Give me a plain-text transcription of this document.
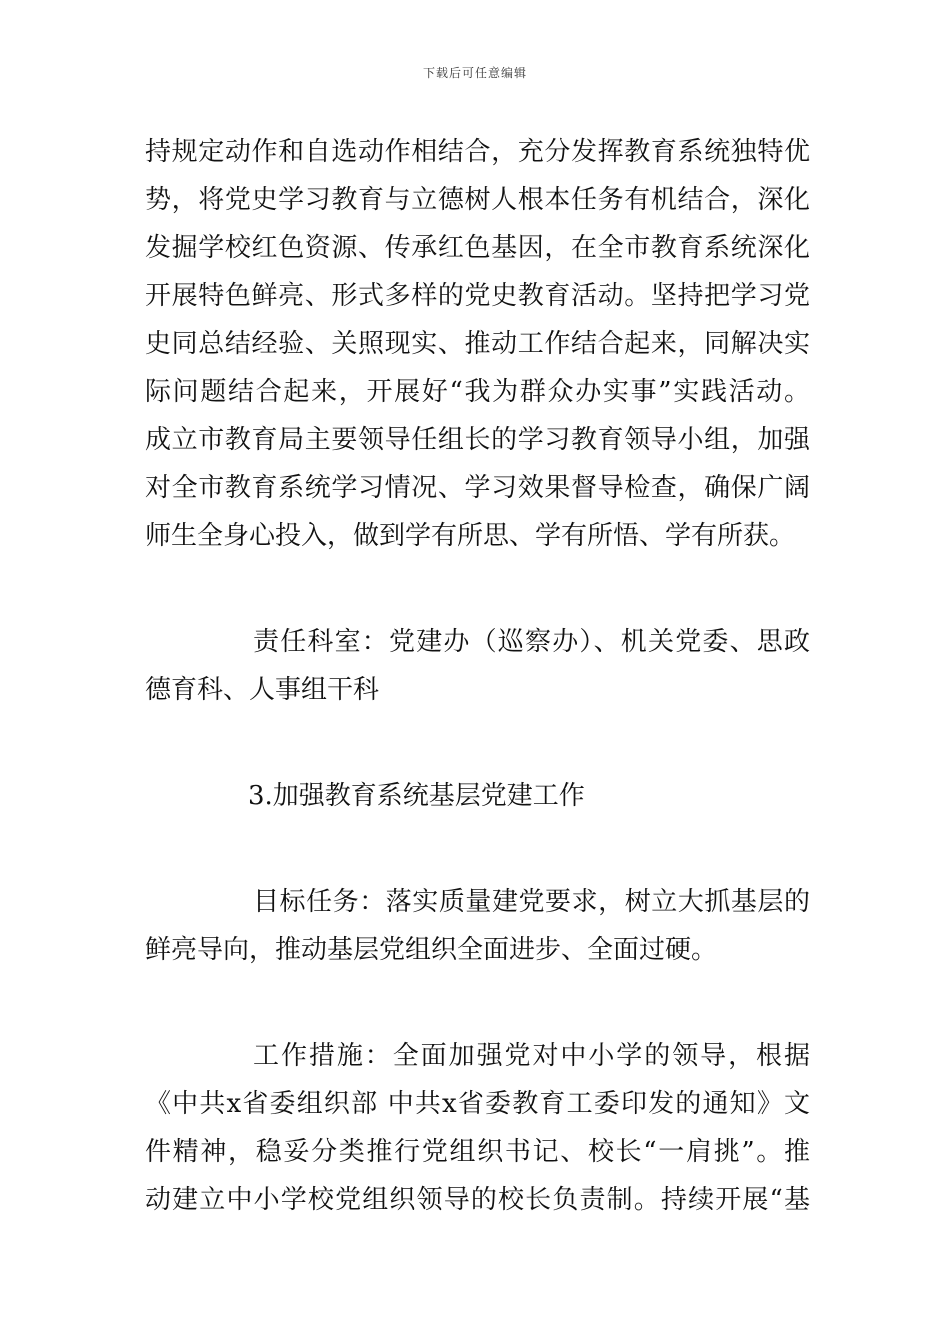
下载后可任意编辑
持规定动作和自选动作相结合，充分发挥教育系统独特优
势，将党史学习教育与立德树人根本任务有机结合，深化
发掘学校红色资源、传承红色基因，在全市教育系统深化
开展特色鲜亮、形式多样的党史教育活动。坚持把学习党
史同总结经验、关照现实、推动工作结合起来，同解决实
际问题结合起来，开展好“我为群众办实事”实践活动。
成立市教育局主要领导任组长的学习教育领导小组，加强
对全市教育系统学习情况、学习效果督导检查，确保广阔
师生全身心投入，做到学有所思、学有所悟、学有所获。
责任科室：党建办（巡察办）、机关党委、思政
德育科、人事组干科
3.加强教育系统基层党建工作
目标任务：落实质量建党要求，树立大抓基层的
鲜亮导向，推动基层党组织全面进步、全面过硬。
工作措施：全面加强党对中小学的领导，根据
《中共x省委组织部 中共x省委教育工委印发的通知》文
件精神，稳妥分类推行党组织书记、校长“一肩挑”。推
动建立中小学校党组织领导的校长负责制。持续开展“基
